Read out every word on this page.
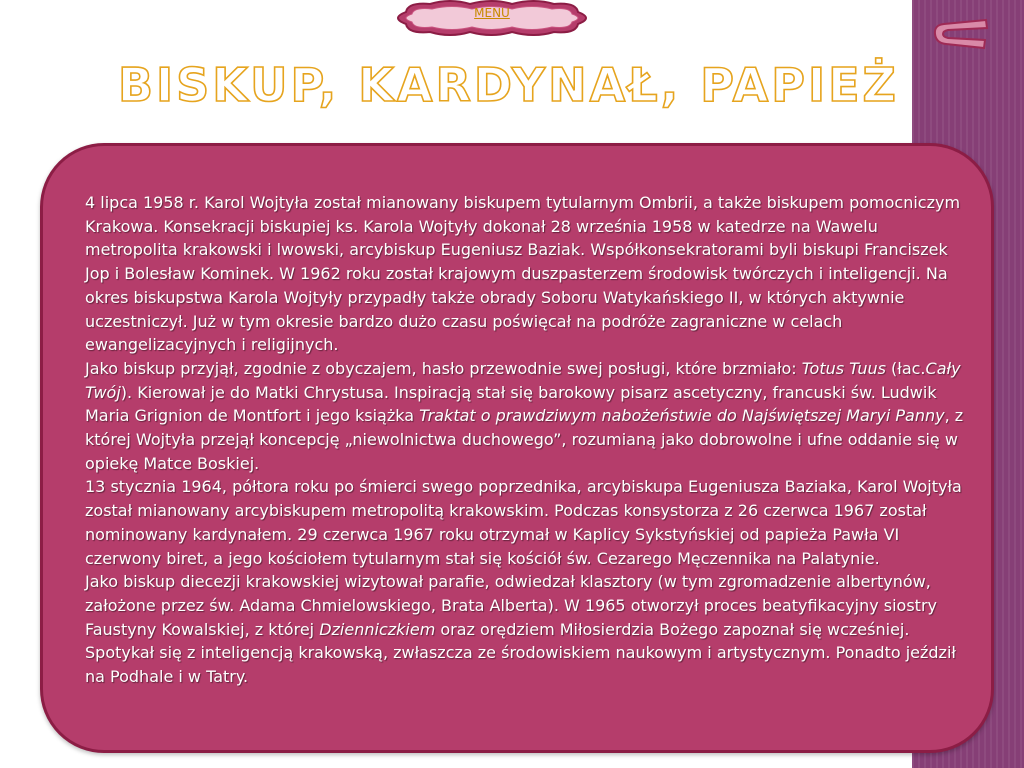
MENU
BISKUP, KARDYNAŁ, PAPIEŻ

4 lipca 1958 r. Karol Wojtyła został mianowany biskupem tytularnym Ombrii, a także biskupem pomocniczym Krakowa. Konsekracji biskupiej ks. Karola Wojtyły dokonał 28 września 1958 w katedrze na Wawelu metropolita krakowski i lwowski, arcybiskup Eugeniusz Baziak. Współkonsekratorami byli biskupi Franciszek Jop i Bolesław Kominek. W 1962 roku został krajowym duszpasterzem środowisk twórczych i inteligencji. Na okres biskupstwa Karola Wojtyły przypadły także obrady Soboru Watykańskiego II, w których aktywnie uczestniczył. Już w tym okresie bardzo dużo czasu poświęcał na podróże zagraniczne w celach ewangelizacyjnych i religijnych.

Jako biskup przyjął, zgodnie z obyczajem, hasło przewodnie swej posługi, które brzmiało: Totus Tuus (łac.Cały Twój). Kierował je do Matki Chrystusa. Inspiracją stał się barokowy pisarz ascetyczny, francuski św. Ludwik Maria Grignion de Montfort i jego książka Traktat o prawdziwym nabożeństwie do Najświętszej Maryi Panny, z której Wojtyła przejął koncepcję „niewolnictwa duchowego”, rozumianą jako dobrowolne i ufne oddanie się w opiekę Matce Boskiej.

13 stycznia 1964, półtora roku po śmierci swego poprzednika, arcybiskupa Eugeniusza Baziaka, Karol Wojtyła został mianowany arcybiskupem metropolitą krakowskim. Podczas konsystorza z 26 czerwca 1967 został nominowany kardynałem. 29 czerwca 1967 roku otrzymał w Kaplicy Sykstyńskiej od papieża Pawła VI czerwony biret, a jego kościołem tytularnym stał się kościół św. Cezarego Męczennika na Palatynie.

Jako biskup diecezji krakowskiej wizytował parafie, odwiedzał klasztory (w tym zgromadzenie albertynów, założone przez św. Adama Chmielowskiego, Brata Alberta). W 1965 otworzył proces beatyfikacyjny siostry Faustyny Kowalskiej, z której Dzienniczkiem oraz orędziem Miłosierdzia Bożego zapoznał się wcześniej. Spotykał się z inteligencją krakowską, zwłaszcza ze środowiskiem naukowym i artystycznym. Ponadto jeździł na Podhale i w Tatry.
